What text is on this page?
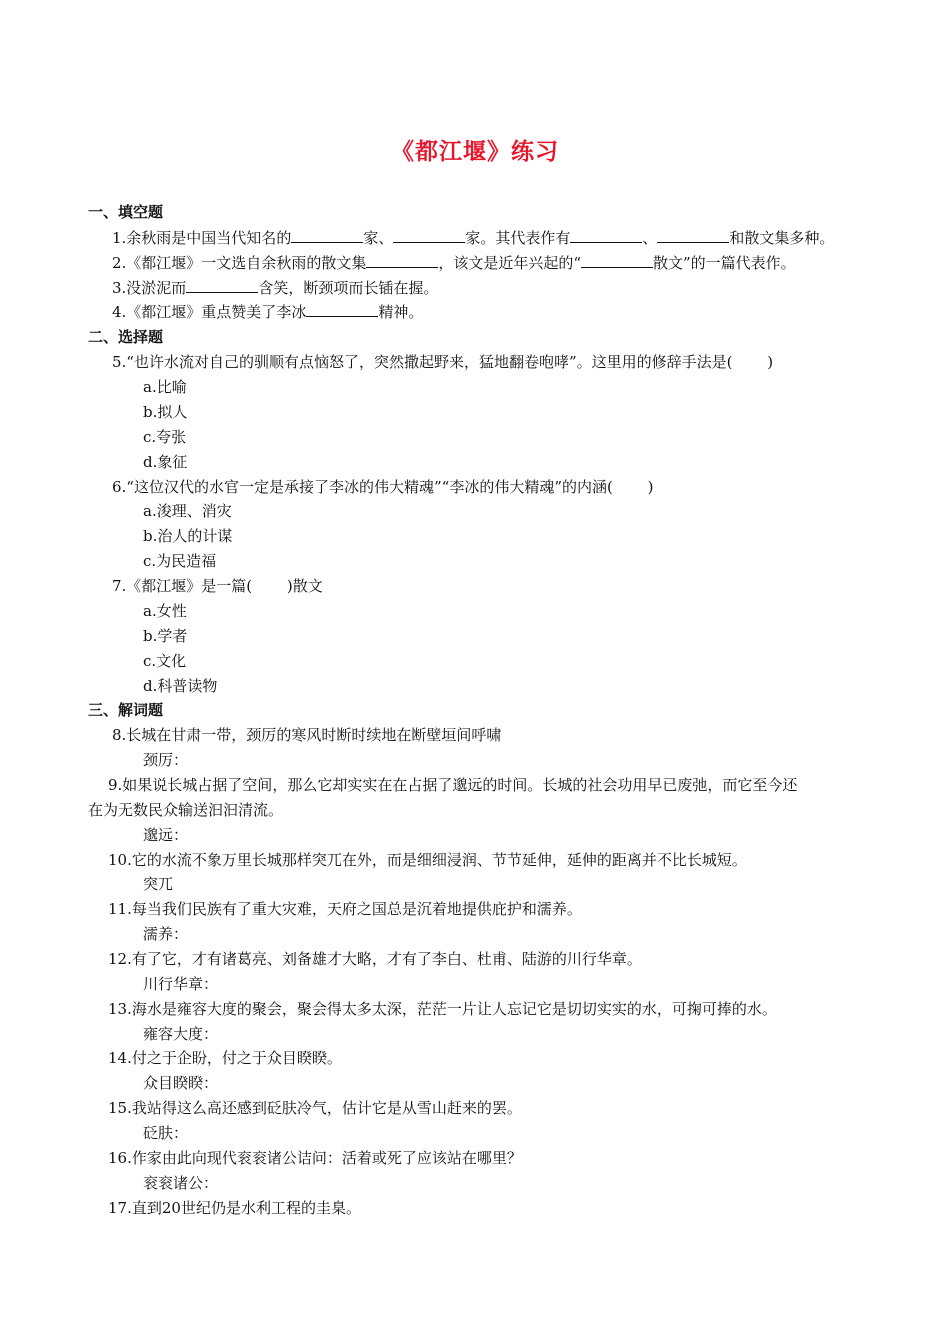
《都江堰》练习
一、填空题
1.余秋雨是中国当代知名的	家、	家。其代表作有	、	和散文集多种。
2.《都江堰》一文选自余秋雨的散文集	，该文是近年兴起的“	散文”的一篇代表作。
3.没淤泥而	含笑，断颈项而长锸在握。
4.《都江堰》重点赞美了李冰	精神。
二、选择题
5.“也许水流对自己的驯顺有点恼怒了，突然撒起野来，猛地翻卷咆哮”。这里用的修辞手法是(　　 )
a.比喻
b.拟人
c.夸张
d.象征
6.“这位汉代的水官一定是承接了李冰的伟大精魂”“李冰的伟大精魂”的内涵(　　 )
a.浚理、消灾
b.治人的计谋
c.为民造福
7.《都江堰》是一篇(　　 )散文
a.女性
b.学者
c.文化
d.科普读物
三、解词题
8.长城在甘肃一带，颈厉的寒风时断时续地在断壁垣间呼啸
颈厉：
9.如果说长城占据了空间，那么它却实实在在占据了邈远的时间。长城的社会功用早已废弛，而它至今还
在为无数民众输送汩汩清流。
邈远：
10.它的水流不象万里长城那样突兀在外，而是细细浸润、节节延伸，延伸的距离并不比长城短。
突兀
11.每当我们民族有了重大灾难，天府之国总是沉着地提供庇护和濡养。
濡养：
12.有了它，才有诸葛亮、刘备雄才大略，才有了李白、杜甫、陆游的川行华章。
川行华章：
13.海水是雍容大度的聚会，聚会得太多太深，茫茫一片让人忘记它是切切实实的水，可掬可捧的水。
雍容大度：
14.付之于企盼，付之于众目睽睽。
众目睽睽：
15.我站得这么高还感到砭肤冷气，估计它是从雪山赶来的罢。
砭肤：
16.作家由此向现代衮衮诸公诘问：活着或死了应该站在哪里？
衮衮诸公：
17.直到20世纪仍是水利工程的圭臬。
